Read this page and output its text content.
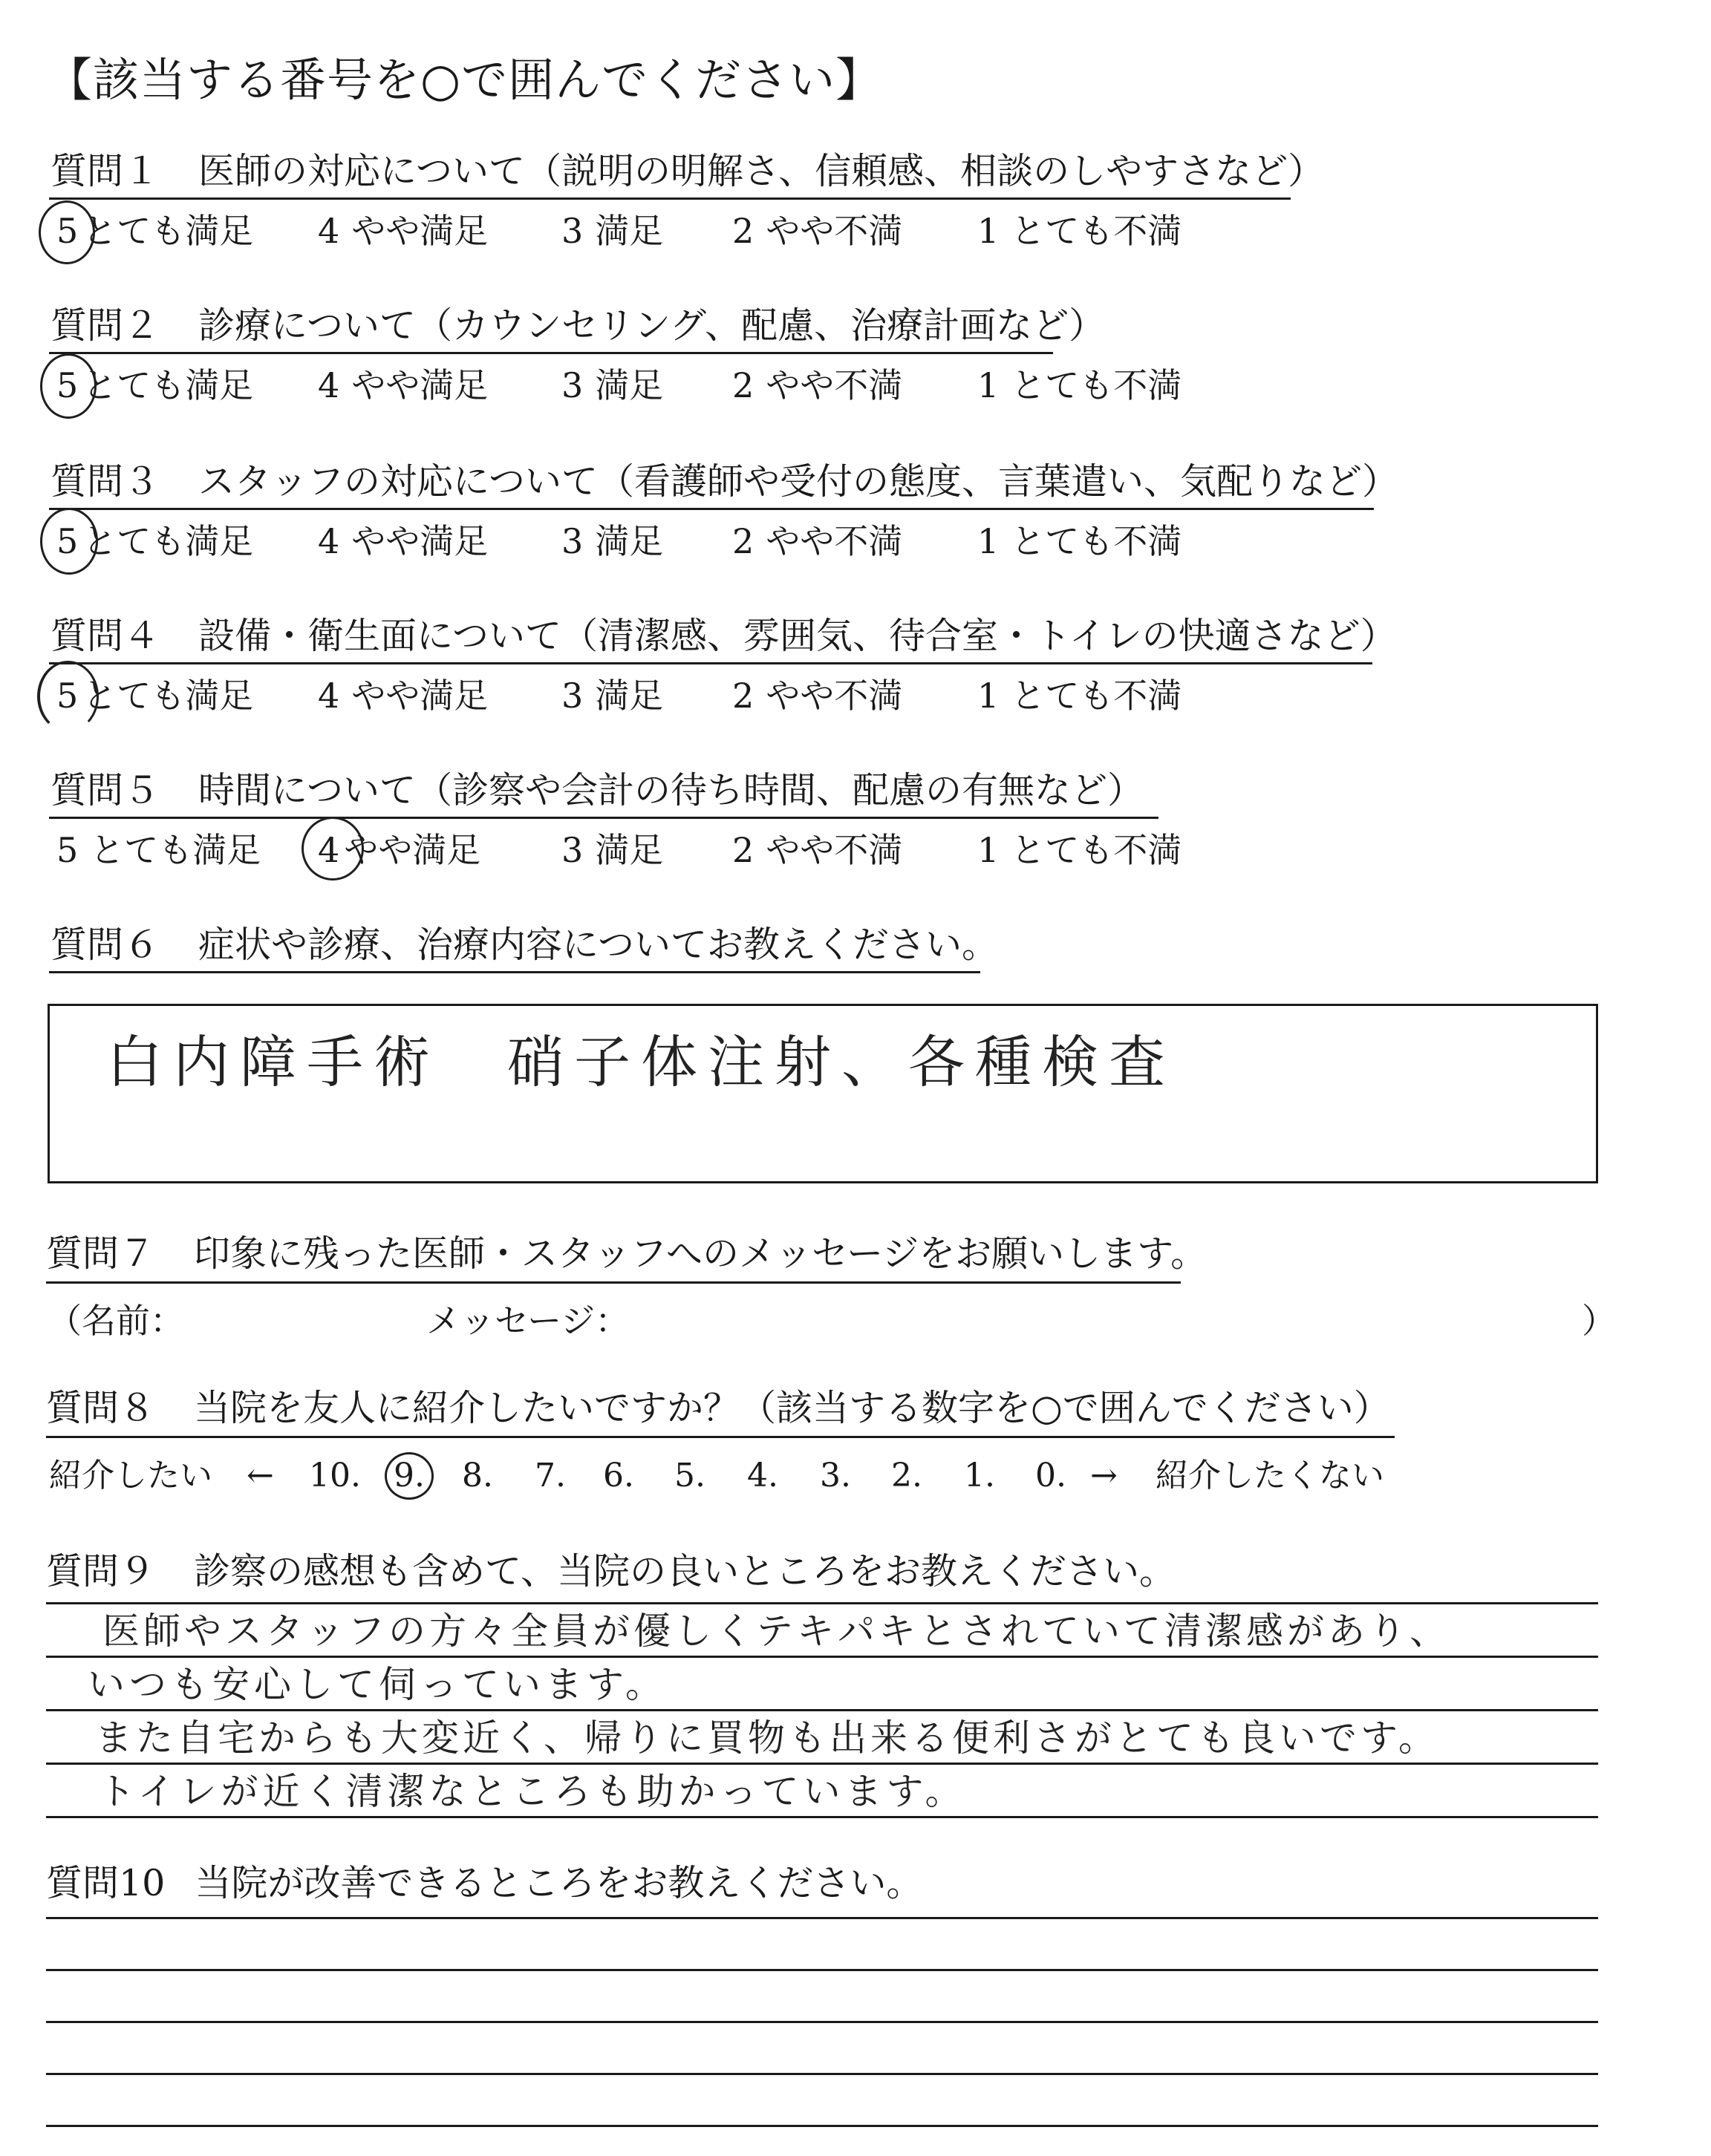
【該当する番号を○で囲んでください】
質問１ 医師の対応について（説明の明解さ、信頼感、相談のしやすさなど）
5 とても満足 4 やや満足 3 満足 2 やや不満 1 とても不満
質問２ 診療について（カウンセリング、配慮、治療計画など）
5 とても満足 4 やや満足 3 満足 2 やや不満 1 とても不満
質問３ スタッフの対応について（看護師や受付の態度、言葉遣い、気配りなど）
5 とても満足 4 やや満足 3 満足 2 やや不満 1 とても不満
質問４ 設備・衛生面について（清潔感、雰囲気、待合室・トイレの快適さなど）
5 とても満足 4 やや満足 3 満足 2 やや不満 1 とても不満
質問５ 時間について（診察や会計の待ち時間、配慮の有無など）
5 とても満足 4 やや満足 3 満足 2 やや不満 1 とても不満
質問６ 症状や診療、治療内容についてお教えください。
白内障手術　硝子体注射、各種検査
質問７ 印象に残った医師・スタッフへのメッセージをお願いします。
（名前：	メッセージ：	）
質問８ 当院を友人に紹介したいですか？（該当する数字を○で囲んでください）
紹介したい ← 10. 9. 8. 7. 6. 5. 4. 3. 2. 1. 0. → 紹介したくない
質問９ 診察の感想も含めて、当院の良いところをお教えください。
医師やスタッフの方々全員が優しくテキパキとされていて清潔感があり、
いつも安心して伺っています。
また自宅からも大変近く、帰りに買物も出来る便利さがとても良いです。
トイレが近く清潔なところも助かっています。
質問10 当院が改善できるところをお教えください。
